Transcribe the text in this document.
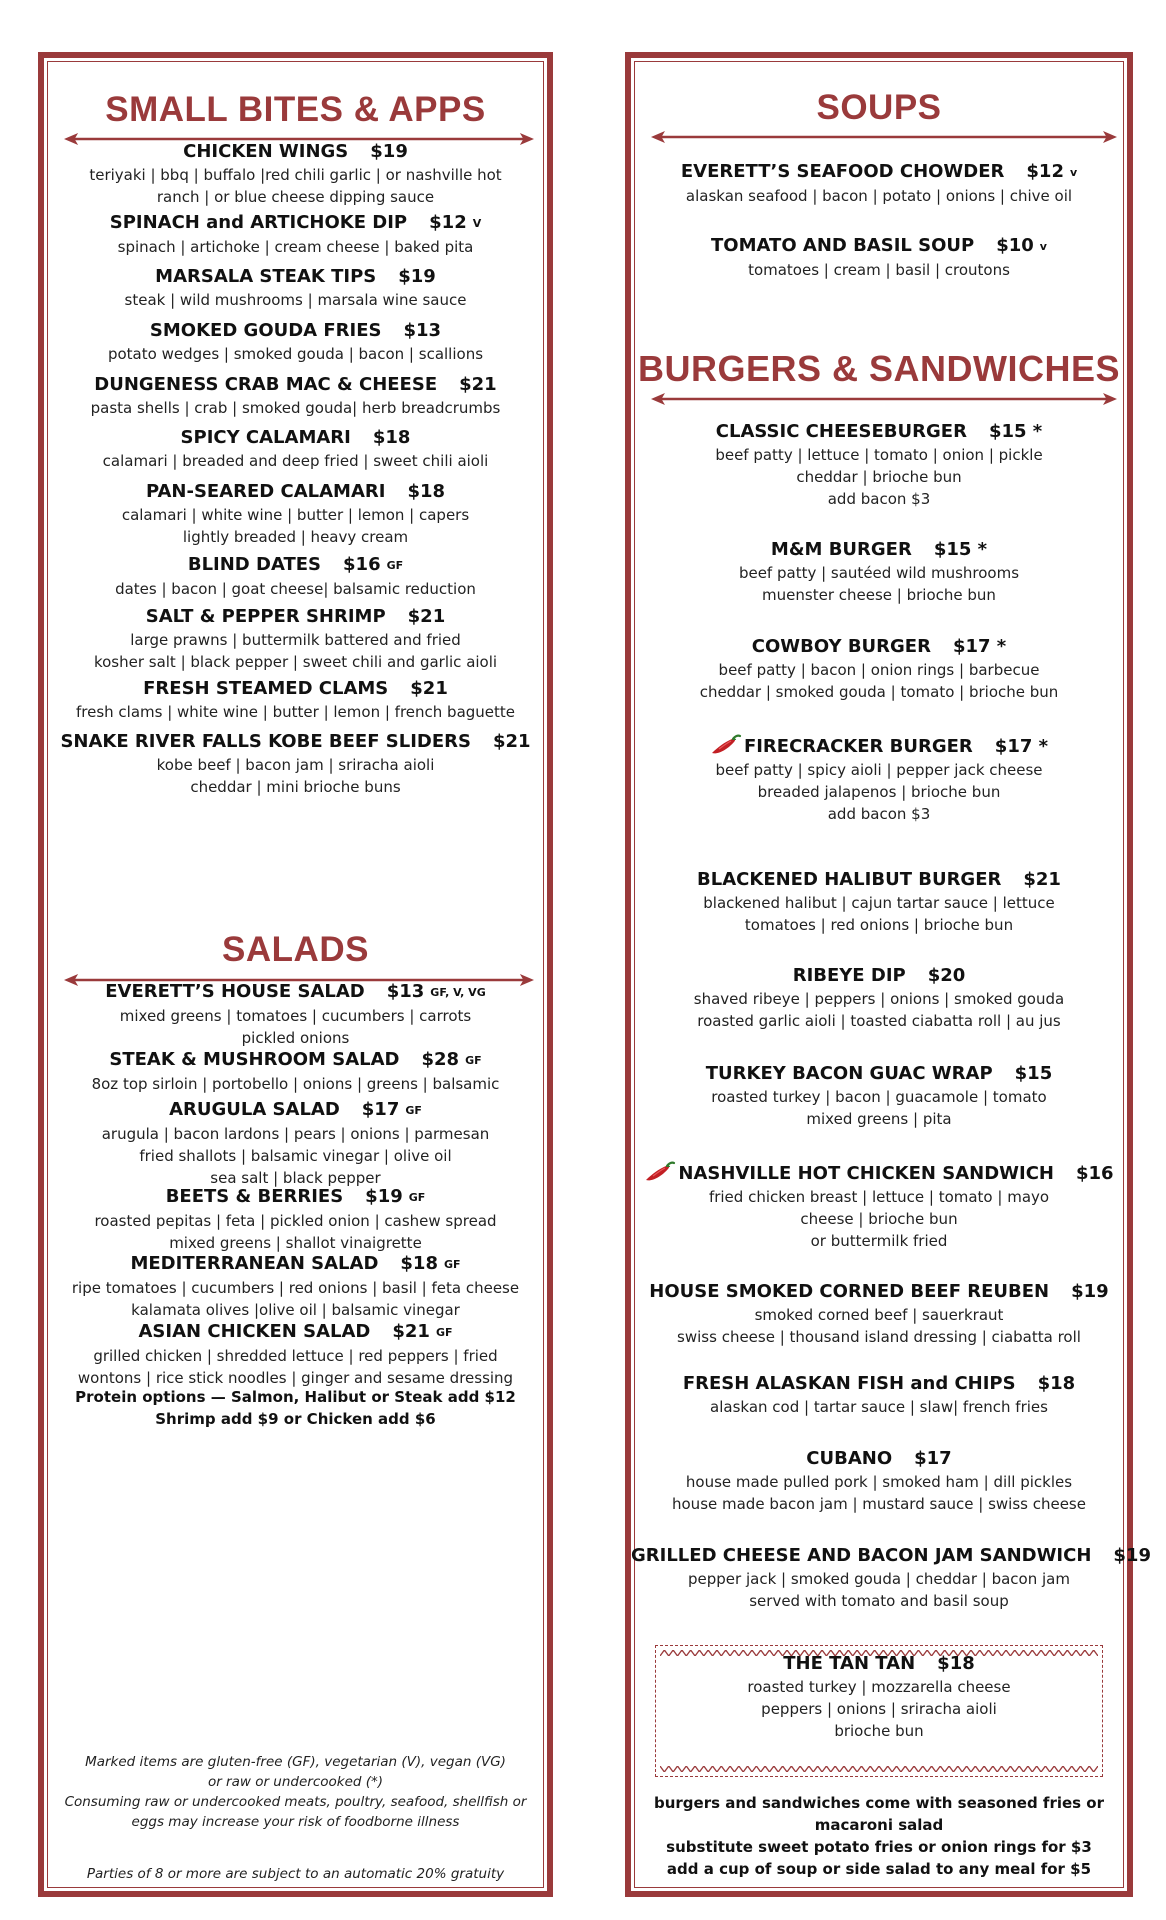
SMALL BITES & APPS
CHICKEN WINGS $19
teriyaki | bbq | buffalo |red chili garlic | or nashville hot
ranch | or blue cheese dipping sauce
SPINACH and ARTICHOKE DIP $12 V
spinach | artichoke | cream cheese | baked pita
MARSALA STEAK TIPS $19
steak | wild mushrooms | marsala wine sauce
SMOKED GOUDA FRIES $13
potato wedges | smoked gouda | bacon | scallions
DUNGENESS CRAB MAC & CHEESE $21
pasta shells | crab | smoked gouda| herb breadcrumbs
SPICY CALAMARI $18
calamari | breaded and deep fried | sweet chili aioli
PAN-SEARED CALAMARI $18
calamari | white wine | butter | lemon | capers
lightly breaded | heavy cream
BLIND DATES $16 GF
dates | bacon | goat cheese| balsamic reduction
SALT & PEPPER SHRIMP $21
large prawns | buttermilk battered and fried
kosher salt | black pepper | sweet chili and garlic aioli
FRESH STEAMED CLAMS $21
fresh clams | white wine | butter | lemon | french baguette
SNAKE RIVER FALLS KOBE BEEF SLIDERS $21
kobe beef | bacon jam | sriracha aioli
cheddar | mini brioche buns
SALADS
EVERETT’S HOUSE SALAD $13 GF, V, VG
mixed greens | tomatoes | cucumbers | carrots
pickled onions
STEAK & MUSHROOM SALAD $28 GF
8oz top sirloin | portobello | onions | greens | balsamic
ARUGULA SALAD $17 GF
arugula | bacon lardons | pears | onions | parmesan
fried shallots | balsamic vinegar | olive oil
sea salt | black pepper
BEETS & BERRIES $19 GF
roasted pepitas | feta | pickled onion | cashew spread
mixed greens | shallot vinaigrette
MEDITERRANEAN SALAD $18 GF
ripe tomatoes | cucumbers | red onions | basil | feta cheese
kalamata olives |olive oil | balsamic vinegar
ASIAN CHICKEN SALAD $21 GF
grilled chicken | shredded lettuce | red peppers | fried
wontons | rice stick noodles | ginger and sesame dressing
Protein options — Salmon, Halibut or Steak add $12
Shrimp add $9 or Chicken add $6
Marked items are gluten-free (GF), vegetarian (V), vegan (VG)
or raw or undercooked (*)
Consuming raw or undercooked meats, poultry, seafood, shellfish or
eggs may increase your risk of foodborne illness
Parties of 8 or more are subject to an automatic 20% gratuity
SOUPS
EVERETT’S SEAFOOD CHOWDER $12 v
alaskan seafood | bacon | potato | onions | chive oil
TOMATO AND BASIL SOUP $10 v
tomatoes | cream | basil | croutons
BURGERS & SANDWICHES
CLASSIC CHEESEBURGER $15 *
beef patty | lettuce | tomato | onion | pickle
cheddar | brioche bun
add bacon $3
M&M BURGER $15 *
beef patty | sautéed wild mushrooms
muenster cheese | brioche bun
COWBOY BURGER $17 *
beef patty | bacon | onion rings | barbecue
cheddar | smoked gouda | tomato | brioche bun
FIRECRACKER BURGER $17 *
beef patty | spicy aioli | pepper jack cheese
breaded jalapenos | brioche bun
add bacon $3
BLACKENED HALIBUT BURGER $21
blackened halibut | cajun tartar sauce | lettuce
tomatoes | red onions | brioche bun
RIBEYE DIP $20
shaved ribeye | peppers | onions | smoked gouda
roasted garlic aioli | toasted ciabatta roll | au jus
TURKEY BACON GUAC WRAP $15
roasted turkey | bacon | guacamole | tomato
mixed greens | pita
NASHVILLE HOT CHICKEN SANDWICH $16
fried chicken breast | lettuce | tomato | mayo
cheese | brioche bun
or buttermilk fried
HOUSE SMOKED CORNED BEEF REUBEN $19
smoked corned beef | sauerkraut
swiss cheese | thousand island dressing | ciabatta roll
FRESH ALASKAN FISH and CHIPS $18
alaskan cod | tartar sauce | slaw| french fries
CUBANO $17
house made pulled pork | smoked ham | dill pickles
house made bacon jam | mustard sauce | swiss cheese
GRILLED CHEESE AND BACON JAM SANDWICH $19
pepper jack | smoked gouda | cheddar | bacon jam
served with tomato and basil soup
THE TAN TAN $18
roasted turkey | mozzarella cheese
peppers | onions | sriracha aioli
brioche bun
burgers and sandwiches come with seasoned fries or
macaroni salad
substitute sweet potato fries or onion rings for $3
add a cup of soup or side salad to any meal for $5
